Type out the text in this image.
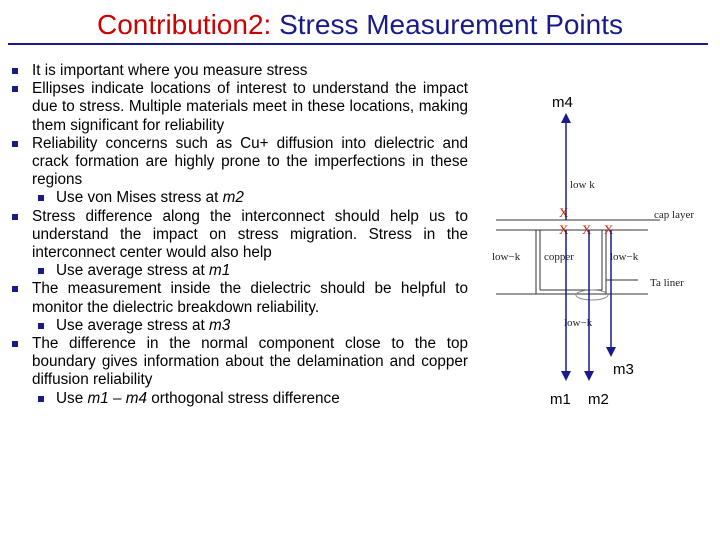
Contribution2: Stress Measurement Points
It is important where you measure stress
Ellipses indicate locations of interest to understand the impact due to stress. Multiple materials meet in these locations, making them significant for reliability
Reliability concerns such as Cu+ diffusion into dielectric and crack formation are highly prone to the imperfections in these regions
Use von Mises stress at m2
Stress difference along the interconnect should help us to understand the impact on stress migration. Stress in the interconnect center would also help
Use average stress at m1
The measurement inside the dielectric should be helpful to monitor the dielectric breakdown reliability.
Use average stress at m3
The difference in the normal component close to the top boundary gives information about the delamination and copper diffusion reliability
Use m1 – m4 orthogonal stress difference
m4
low k
cap layer
low−k copper	low−k
Ta liner
low−k
X
X X X
m3
m1 m2
